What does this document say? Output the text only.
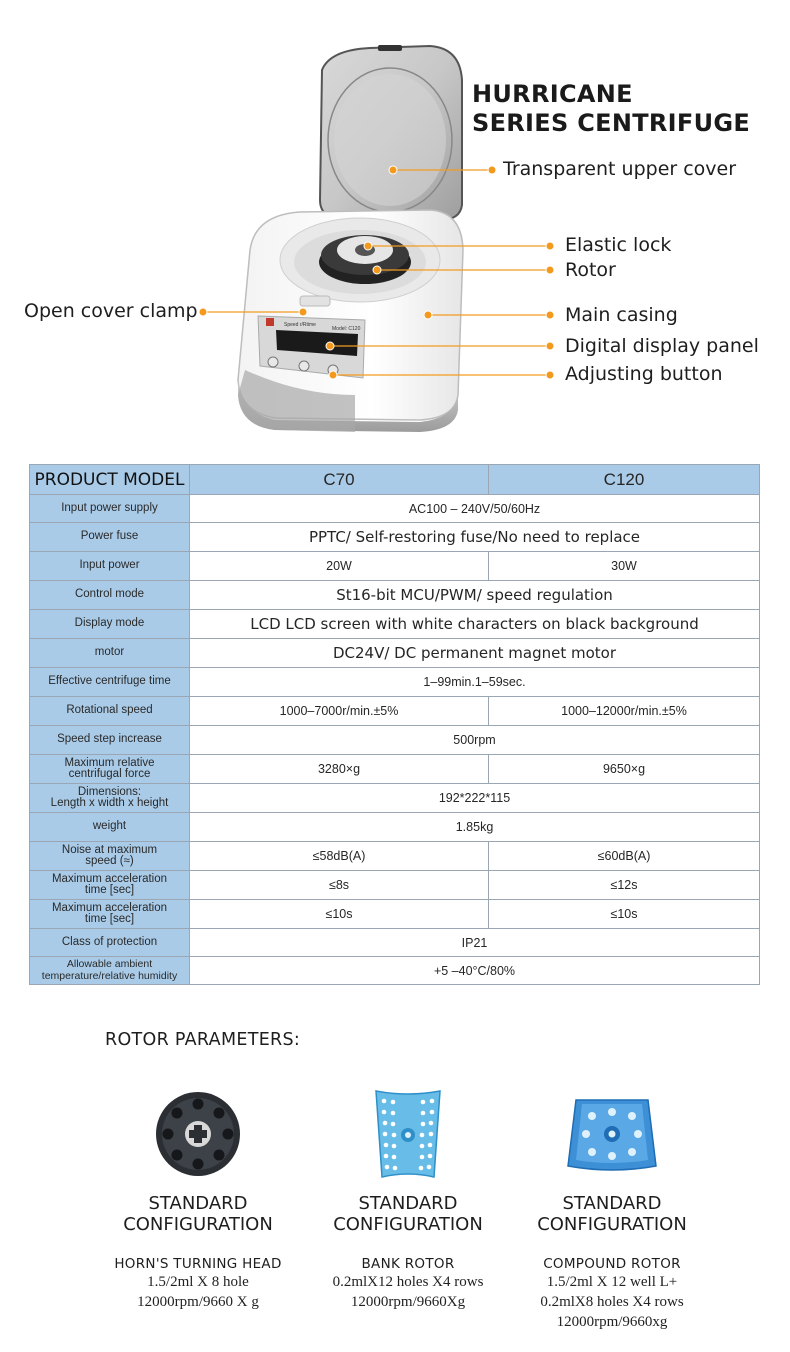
HURRICANE
SERIES CENTRIFUGE
Transparent upper cover
Elastic lock
Rotor
Open cover clamp	Main casing
Digital display panel
Adjusting button
Speed r/Rtime
Model: C120
PRODUCT MODEL	C70	C120
Input power supply	AC100 – 240V/50/60Hz	
Power fuse	PPTC/ Self-restoring fuse/No need to replace	
Input power	20W	30W
Control mode	St16-bit MCU/PWM/ speed regulation	
Display mode	LCD LCD screen with white characters on black background	
motor	DC24V/ DC permanent magnet motor	
Effective centrifuge time	1–99min.1–59sec.	
Rotational speed	1000–7000r/min.±5%	1000–12000r/min.±5%
Speed step increase	500rpm	

Maximum relative
centrifugal force	3280×g	9650×g

Dimensions:
Length x width x height	192*222*115	
weight	1.85kg	

Noise at maximum
speed (≈)	≤58dB(A)	≤60dB(A)

Maximum acceleration
time [sec]	≤8s	≤12s

Maximum acceleration
time [sec]	≤10s	≤10s
Class of protection	IP21	

Allowable ambient
temperature/relative humidity	+5 –40°C/80%	
ROTOR PARAMETERS:
STANDARD
CONFIGURATION
HORN'S TURNING HEAD
1.5/2ml X 8 hole
12000rpm/9660 X g
STANDARD
CONFIGURATION
BANK ROTOR
0.2mlX12 holes X4 rows
12000rpm/9660Xg
STANDARD
CONFIGURATION
COMPOUND ROTOR
1.5/2ml X 12 well L+
0.2mlX8 holes X4 rows
12000rpm/9660xg
